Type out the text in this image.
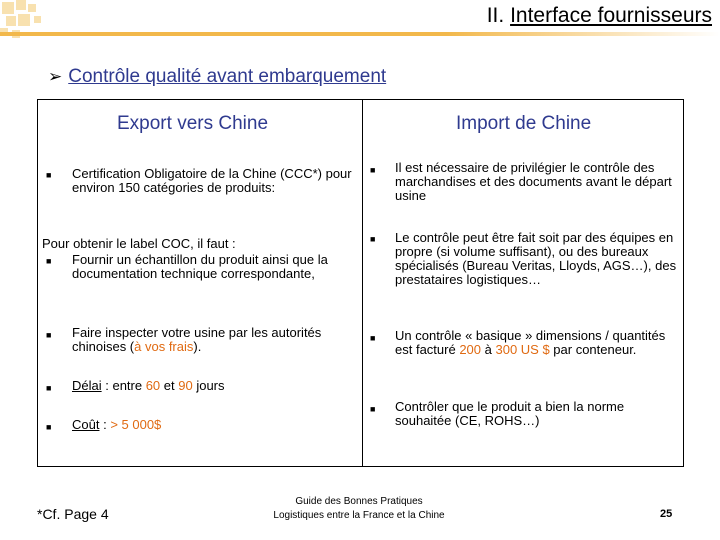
II. Interface fournisseurs
➢ Contrôle qualité avant embarquement
Export vers Chine
■ Certification Obligatoire de la Chine (CCC*) pour environ 150 catégories de produits:
Pour obtenir le label COC, il faut :
■ Fournir un échantillon du produit ainsi que la documentation technique correspondante,
■ Faire inspecter votre usine par les autorités chinoises (à vos frais).
■ Délai : entre 60 et 90 jours
■ Coût : > 5 000$
Import de Chine
■ Il est nécessaire de privilégier le contrôle des marchandises et des documents avant le départ usine
■ Le contrôle peut être fait soit par des équipes en propre (si volume suffisant), ou des bureaux spécialisés (Bureau Veritas, Lloyds, AGS…), des prestataires logistiques…
■ Un contrôle « basique » dimensions / quantités est facturé 200 à 300 US $ par conteneur.
■ Contrôler que le produit a bien la norme souhaitée (CE, ROHS…)
*Cf. Page 4
Guide des Bonnes Pratiques
Logistiques entre la France et la Chine	25
